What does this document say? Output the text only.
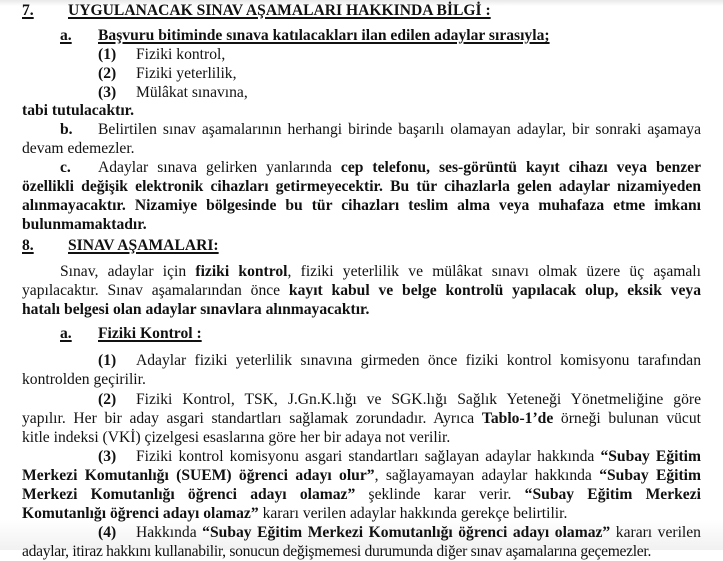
7. UYGULANACAK SINAV AŞAMALARI HAKKINDA BİLGİ :
a. Başvuru bitiminde sınava katılacakları ilan edilen adaylar sırasıyla;
(1) Fiziki kontrol,
(2) Fiziki yeterlilik,
(3) Mülâkat sınavına,
tabi tutulacaktır.
b. Belirtilen sınav aşamalarının herhangi birinde başarılı olamayan adaylar, bir sonraki aşamaya
devam edemezler.
c. Adaylar sınava gelirken yanlarında cep telefonu, ses-görüntü kayıt cihazı veya benzer
özellikli değişik elektronik cihazları getirmeyecektir. Bu tür cihazlarla gelen adaylar nizamiyeden
alınmayacaktır. Nizamiye bölgesinde bu tür cihazları teslim alma veya muhafaza etme imkanı
bulunmamaktadır.
8. SINAV AŞAMALARI:
Sınav, adaylar için fiziki kontrol, fiziki yeterlilik ve mülâkat sınavı olmak üzere üç aşamalı
yapılacaktır. Sınav aşamalarından önce kayıt kabul ve belge kontrolü yapılacak olup, eksik veya
hatalı belgesi olan adaylar sınavlara alınmayacaktır.
a. Fiziki Kontrol :
(1) Adaylar fiziki yeterlilik sınavına girmeden önce fiziki kontrol komisyonu tarafından
kontrolden geçirilir.
(2) Fiziki Kontrol, TSK, J.Gn.K.lığı ve SGK.lığı Sağlık Yeteneği Yönetmeliğine göre
yapılır. Her bir aday asgari standartları sağlamak zorundadır. Ayrıca Tablo-1’de örneği bulunan vücut
kitle indeksi (VKİ) çizelgesi esaslarına göre her bir adaya not verilir.
(3) Fiziki kontrol komisyonu asgari standartları sağlayan adaylar hakkında “Subay Eğitim
Merkezi Komutanlığı (SUEM) öğrenci adayı olur”, sağlayamayan adaylar hakkında “Subay Eğitim
Merkezi Komutanlığı öğrenci adayı olamaz” şeklinde karar verir. “Subay Eğitim Merkezi
Komutanlığı öğrenci adayı olamaz” kararı verilen adaylar hakkında gerekçe belirtilir.
(4) Hakkında “Subay Eğitim Merkezi Komutanlığı öğrenci adayı olamaz” kararı verilen
adaylar, itiraz hakkını kullanabilir, sonucun değişmemesi durumunda diğer sınav aşamalarına geçemezler.
